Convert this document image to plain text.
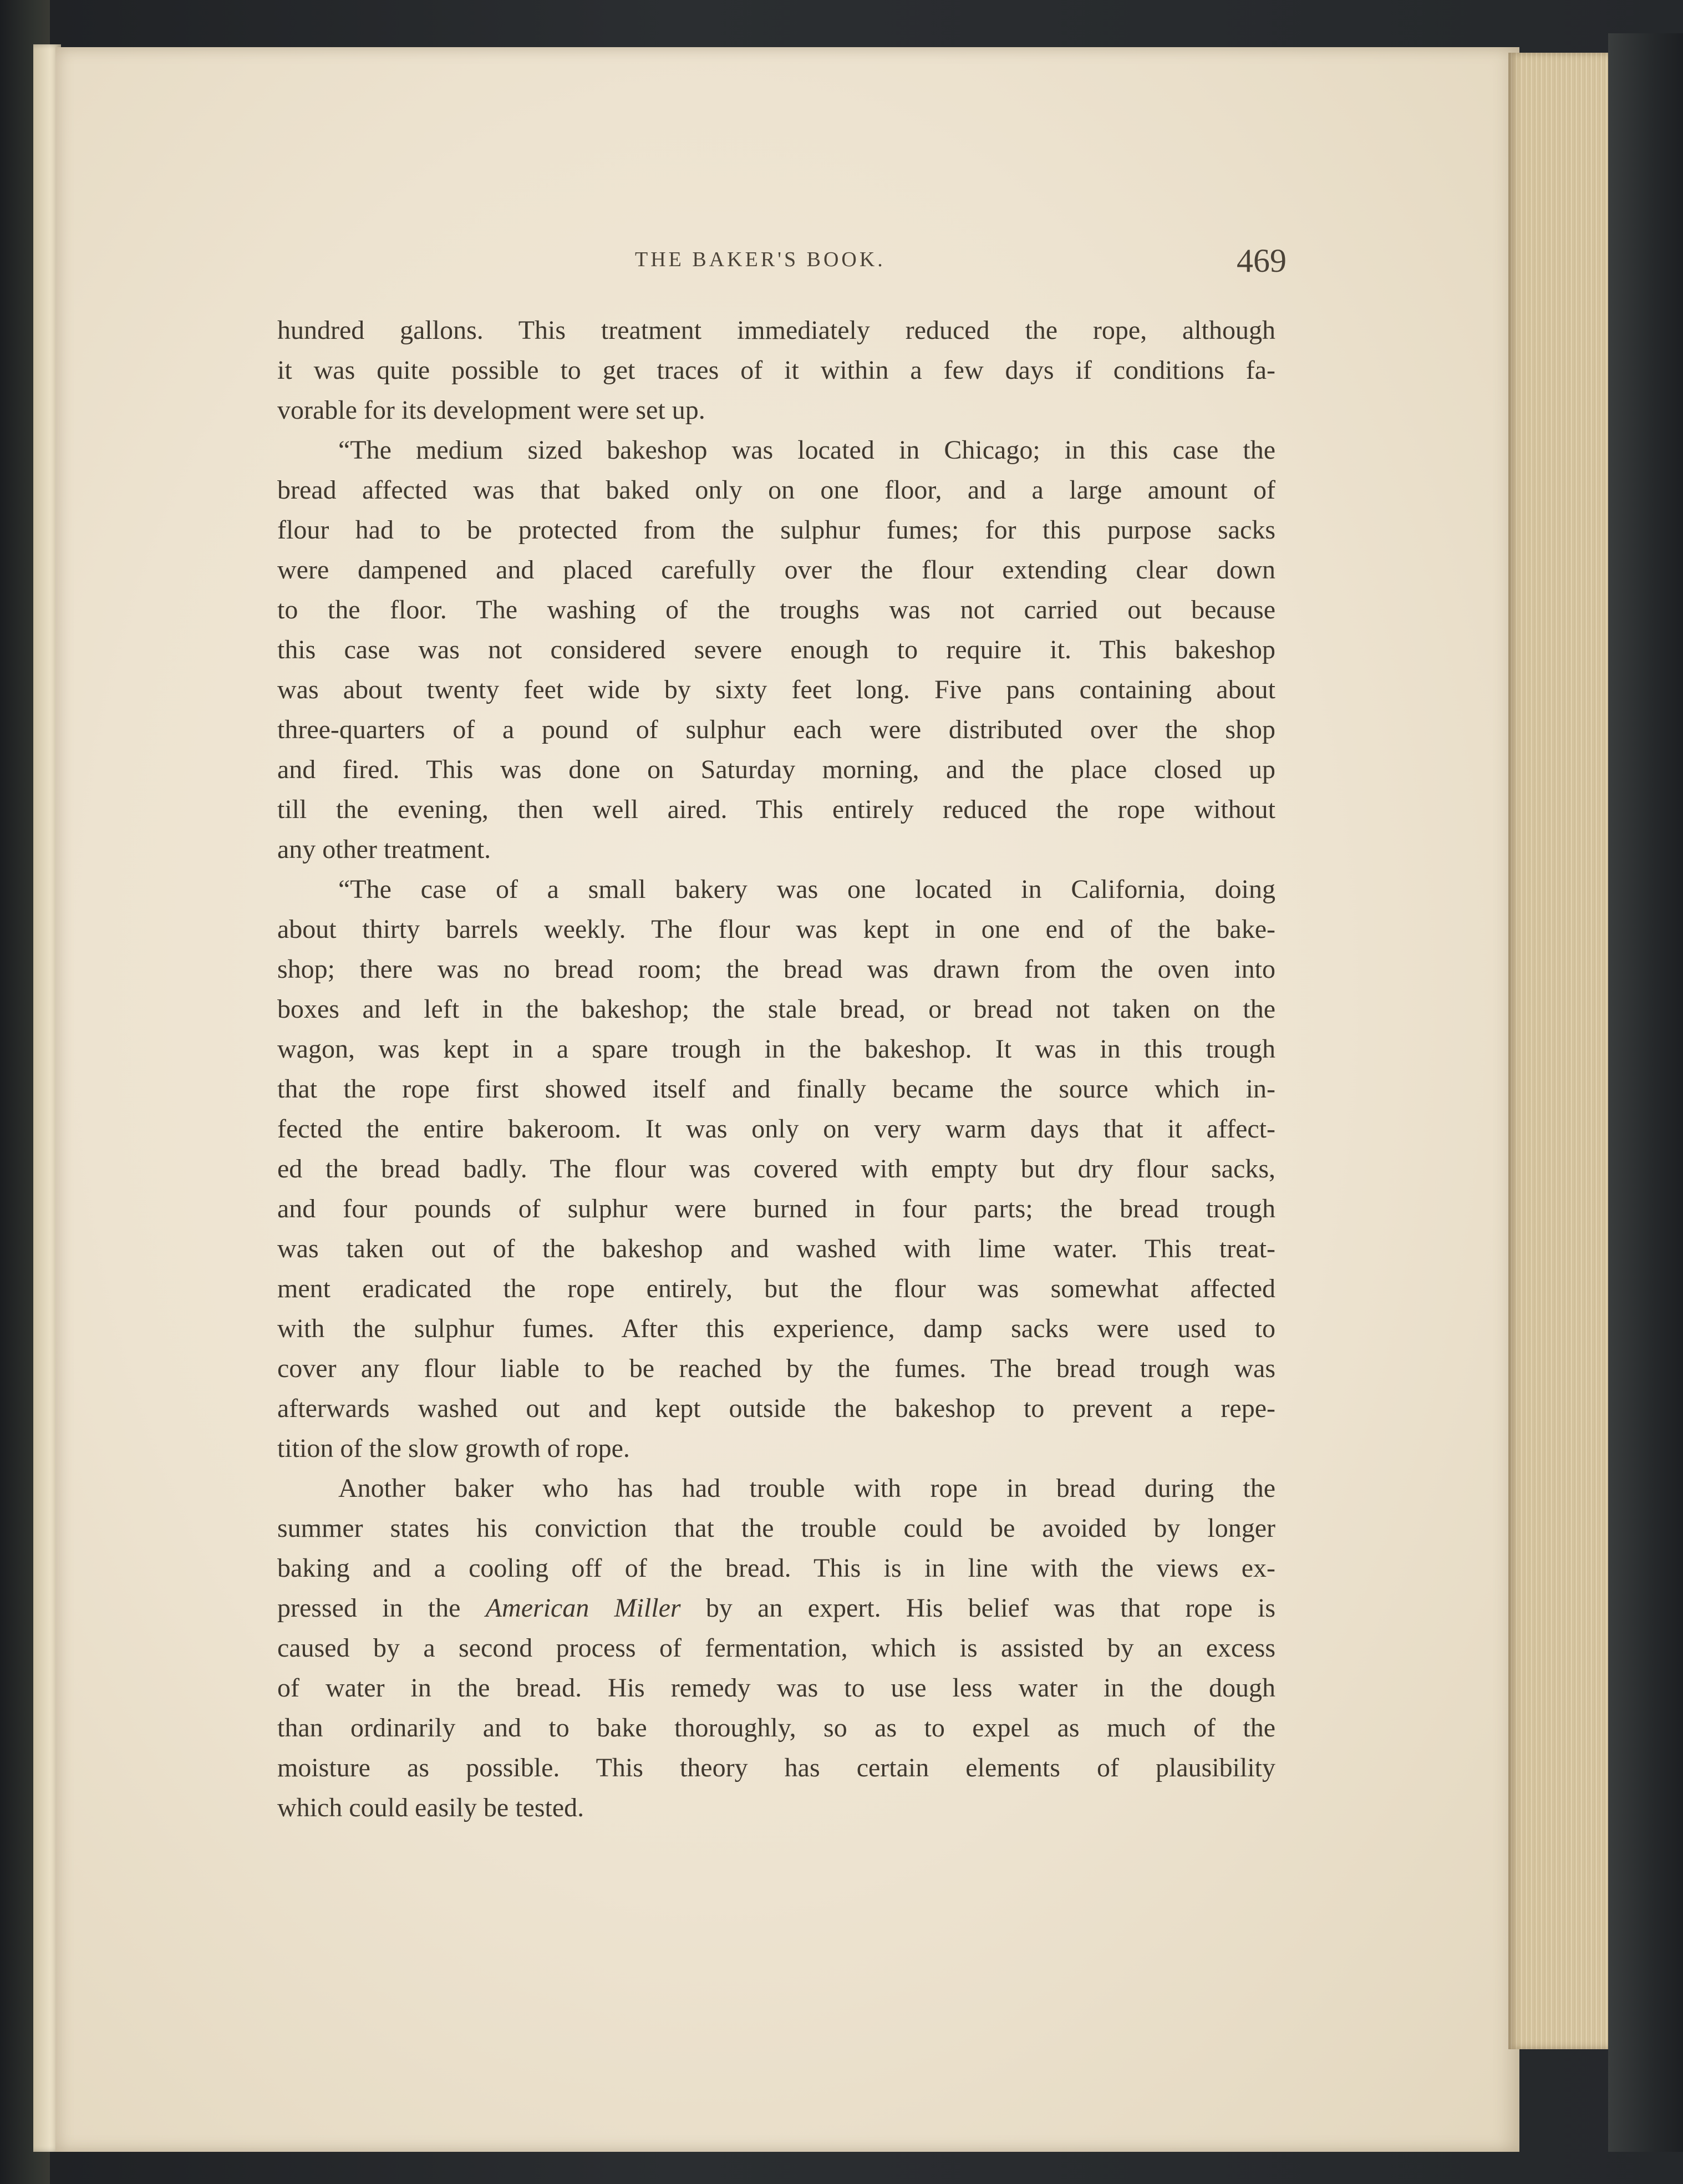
THE BAKER'S BOOK.	469
hundred gallons. This treatment immediately reduced the rope, although
it was quite possible to get traces of it within a few days if conditions fa-
vorable for its development were set up.
“The medium sized bakeshop was located in Chicago; in this case the
bread affected was that baked only on one floor, and a large amount of
flour had to be protected from the sulphur fumes; for this purpose sacks
were dampened and placed carefully over the flour extending clear down
to the floor. The washing of the troughs was not carried out because
this case was not considered severe enough to require it. This bakeshop
was about twenty feet wide by sixty feet long. Five pans containing about
three-quarters of a pound of sulphur each were distributed over the shop
and fired. This was done on Saturday morning, and the place closed up
till the evening, then well aired. This entirely reduced the rope without
any other treatment.
“The case of a small bakery was one located in California, doing
about thirty barrels weekly. The flour was kept in one end of the bake-
shop; there was no bread room; the bread was drawn from the oven into
boxes and left in the bakeshop; the stale bread, or bread not taken on the
wagon, was kept in a spare trough in the bakeshop. It was in this trough
that the rope first showed itself and finally became the source which in-
fected the entire bakeroom. It was only on very warm days that it affect-
ed the bread badly. The flour was covered with empty but dry flour sacks,
and four pounds of sulphur were burned in four parts; the bread trough
was taken out of the bakeshop and washed with lime water. This treat-
ment eradicated the rope entirely, but the flour was somewhat affected
with the sulphur fumes. After this experience, damp sacks were used to
cover any flour liable to be reached by the fumes. The bread trough was
afterwards washed out and kept outside the bakeshop to prevent a repe-
tition of the slow growth of rope.
Another baker who has had trouble with rope in bread during the
summer states his conviction that the trouble could be avoided by longer
baking and a cooling off of the bread. This is in line with the views ex-
pressed in the American Miller by an expert. His belief was that rope is
caused by a second process of fermentation, which is assisted by an excess
of water in the bread. His remedy was to use less water in the dough
than ordinarily and to bake thoroughly, so as to expel as much of the
moisture as possible. This theory has certain elements of plausibility
which could easily be tested.
